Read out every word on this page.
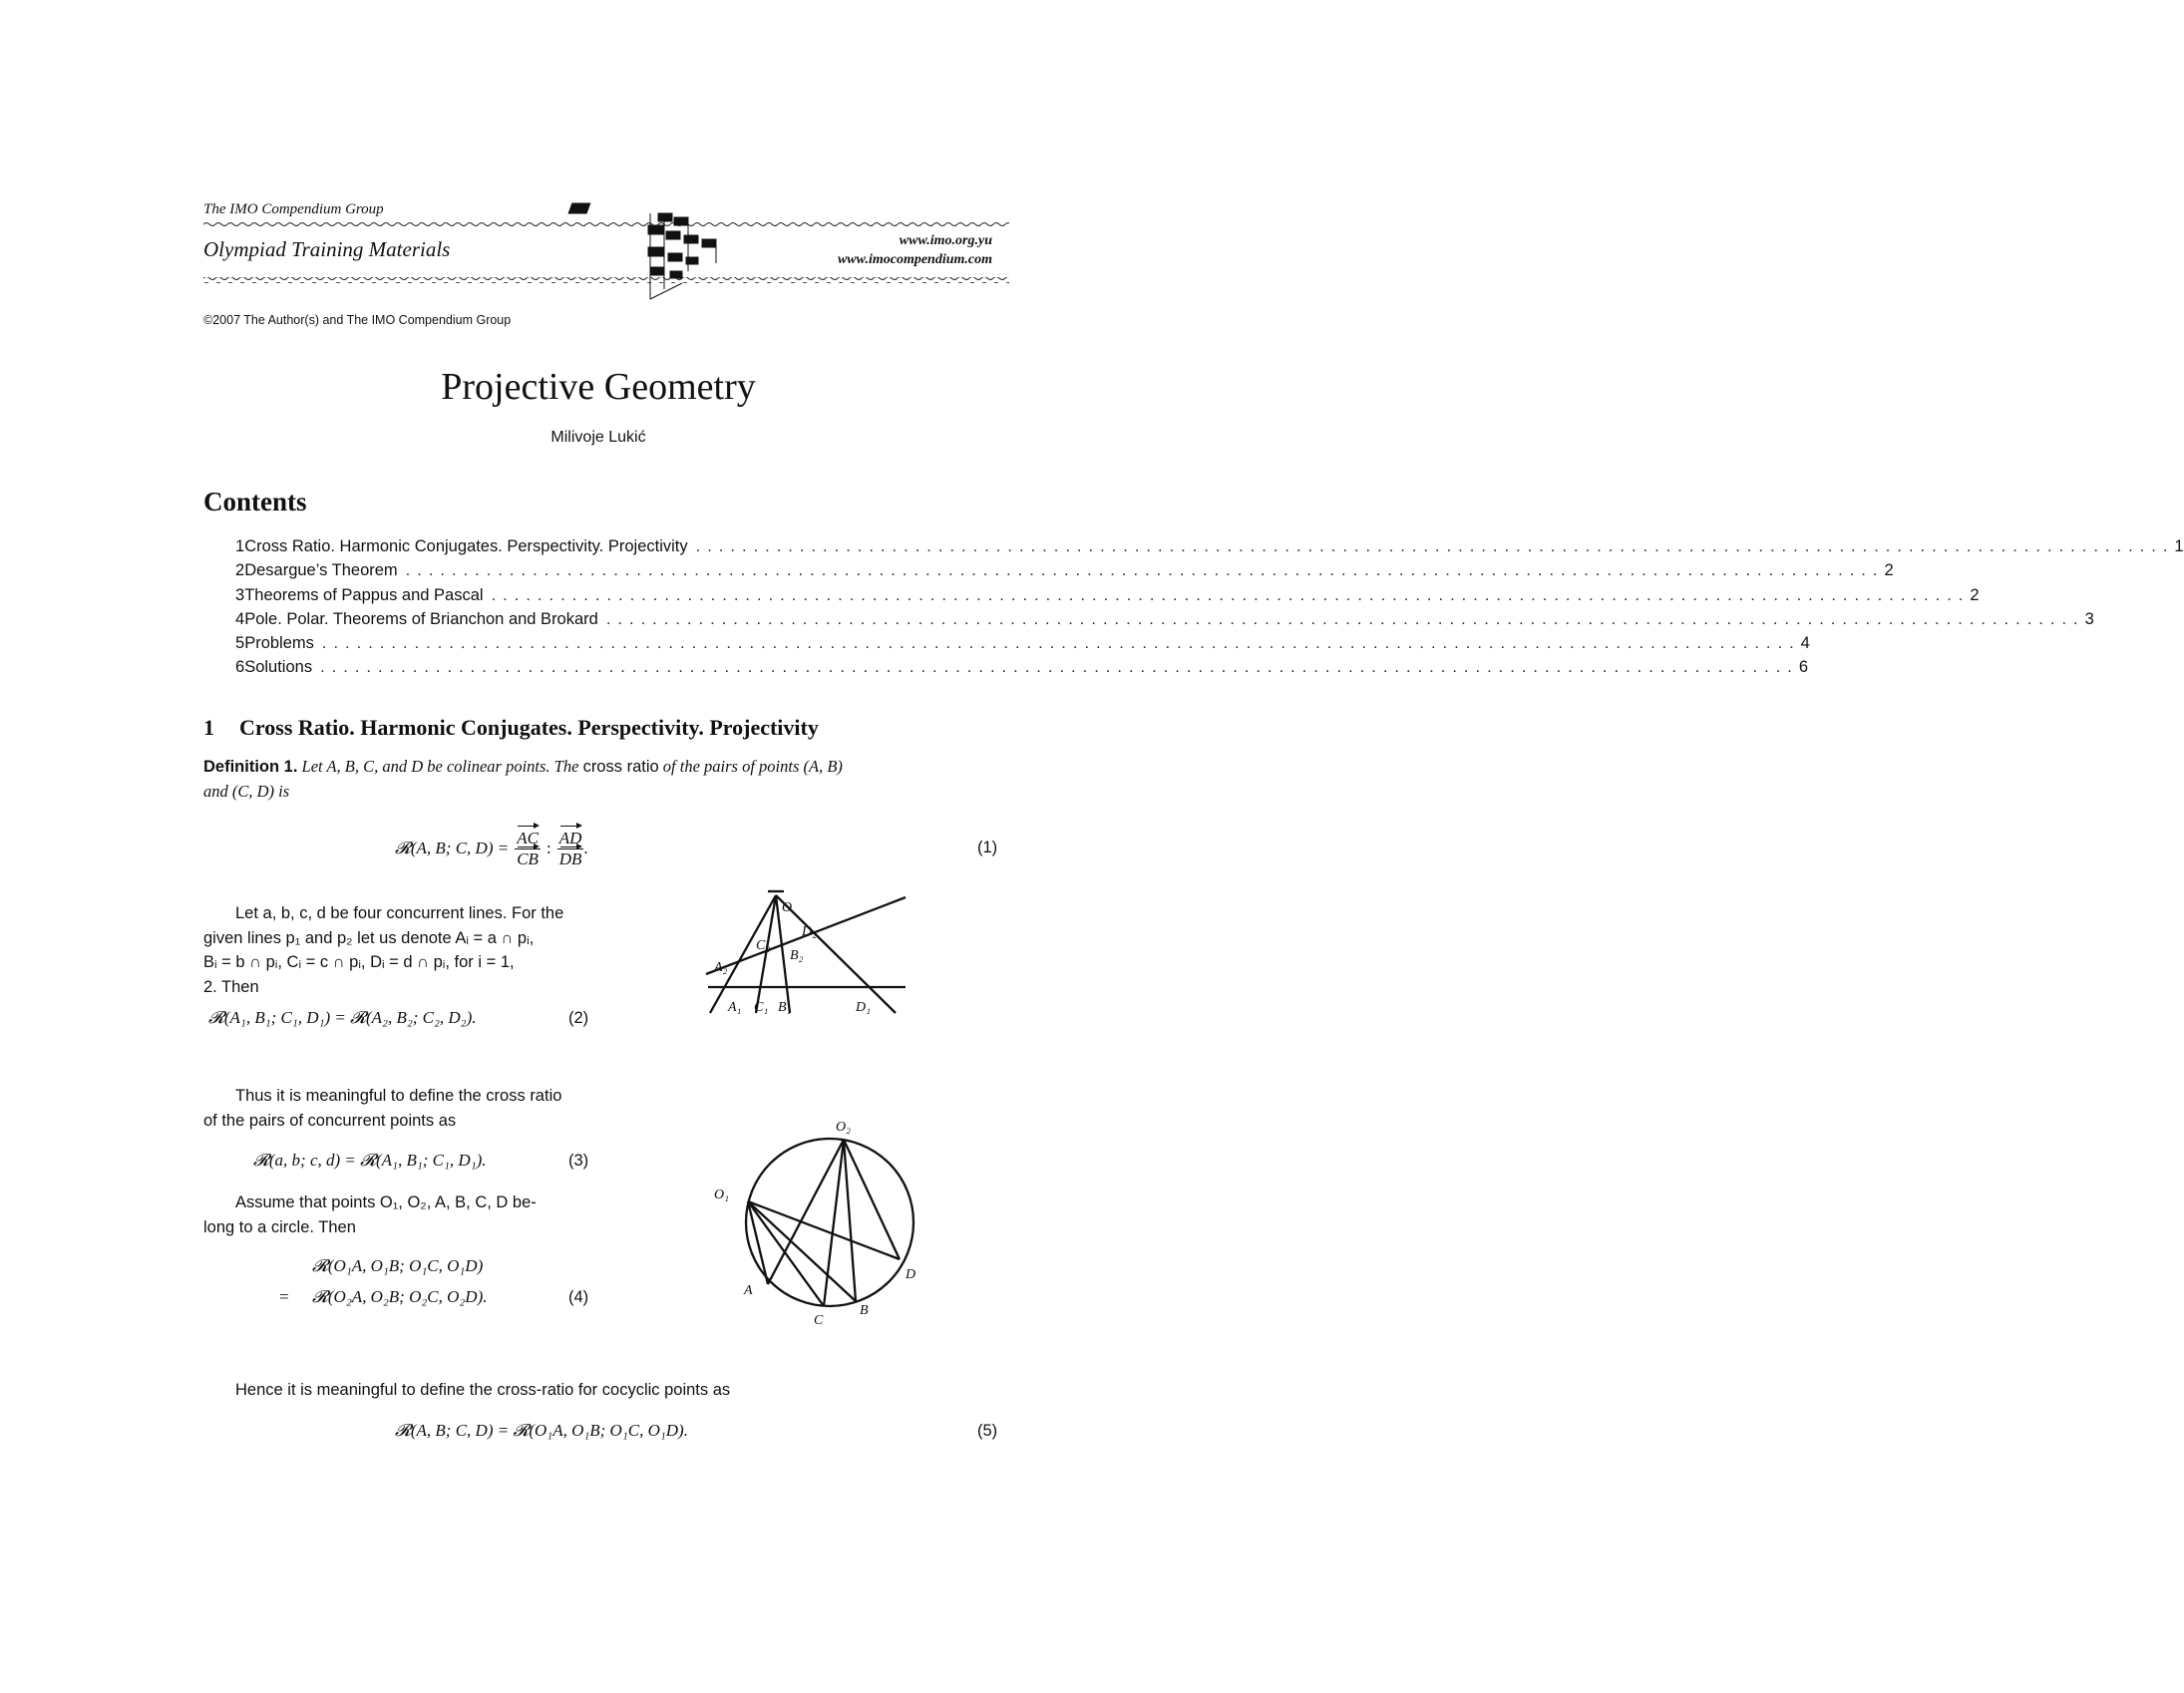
The IMO Compendium Group
Olympiad Training Materials	www.imo.org.yu
www.imocompendium.com
©2007 The Author(s) and The IMO Compendium Group
Projective Geometry
Milivoje Lukić
Contents
1 Cross Ratio. Harmonic Conjugates. Perspectivity. Projectivity ................................................................................................................................ 1
2 Desargue’s Theorem ................................................................................................................................ 2
3 Theorems of Pappus and Pascal ................................................................................................................................ 2
4 Pole. Polar. Theorems of Brianchon and Brokard ................................................................................................................................ 3
5 Problems ................................................................................................................................ 4
6 Solutions ................................................................................................................................ 6
1 Cross Ratio. Harmonic Conjugates. Perspectivity. Projectivity
Definition 1. Let A, B, C, and D be colinear points. The cross ratio of the pairs of points (A, B)
and (C, D) is
𝓡(A, B; C, $D) = \frac{AC}{CB}$ : $\frac{AD}{DB}$ .	(1)
Let a, b, c, d be four concurrent lines. For the
given lines p₁ and p₂ let us denote Aᵢ = a ∩ pᵢ,
Bᵢ = b ∩ pᵢ, Cᵢ = c ∩ pᵢ, Dᵢ = d ∩ pᵢ, for i = 1,
2. Then
𝓡(A₁, B₁; C₁, D₁) = 𝓡(A₂, B₂; C₂, D₂).	(2)
Thus it is meaningful to define the cross ratio
of the pairs of concurrent points as
𝓡(a, b; c, d) = 𝓡(A₁, B₁; C₁, D₁).	(3)
Assume that points O₁, O₂, A, B, C, D be-
long to a circle. Then
𝓡(O₁A, O₁B; O₁C, O₁D)
= 𝓡(O₂A, O₂B; O₂C, O₂D).	(4)
Hence it is meaningful to define the cross-ratio for cocyclic points as
𝓡(A, B; C, D) = 𝓡(O₁A, O₁B; O₁C, O₁D).	(5)
O
D₂
C₂
B₂
A₂
A₁ C₁ B₁	D₁
O₂
O₁
D
A
C
B
